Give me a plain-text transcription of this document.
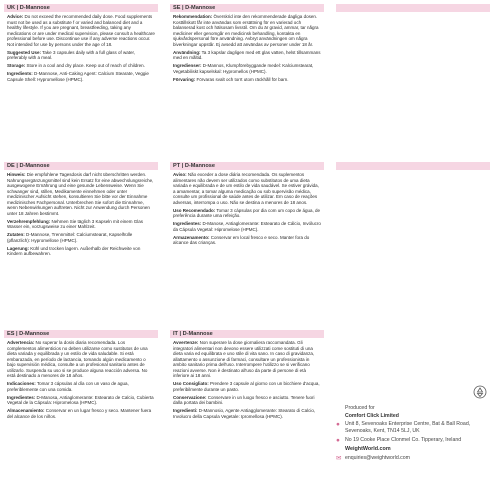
UK | D-Mannose

Advice: Do not exceed the recommended daily dose. Food supplements must not be used as a substitute f or varied and balanced diet and a healthy lifestyle. If you are pregnant, breastfeeding, taking any medications or are under medical supervision, please consult a healthcare professional before use. Discontinue use if any adverse reactions occur. Not intended for use by persons under the age of 18.

Suggested Use: Take 3 capsules daily with a full glass of water, preferably with a meal.

Storage: Store in a cool and dry place. Keep out of reach of children.

Ingredients: D-Mannose, Anti-Caking Agent: Calcium Stearate, Veggie Capsule Shell: Hypromellose (HPMC).

DE | D-Mannose

Hinweis: Die empfohlene Tagesdosis darf nicht überschritten werden. Nahrungsergänzungsmittel sind kein Ersatz für eine abwechslungsreiche, ausgewogene Ernährung und eine gesunde Lebensweise. Wenn Sie schwanger sind, stillen, Medikamente einnehmen oder unter medizinischer Aufsicht stehen, konsultieren Sie bitte vor der Einnahme medizinisches Fachpersonal. Unterbrechen Sie sofort die Einnahme, wenn Nebenwirkungen auftreten. Nicht zur Anwendung durch Personen unter 18 Jahren bestimmt.

Verzehrempfehlung: Nehmen Sie täglich 3 Kapseln mit einem Glas Wasser ein, vorzugsweise zu einer Mahlzeit.

Zutaten: D-Mannose, Trennmittel: Calciumstearat, Kapselhülle (pflanzlich): Hypromellose (HPMC).

Lagerung: Kühl und trocken lagern. Außerhalb der Reichweite von Kindern aufbewahren.

ES | D-Mannose

Advertencia: No superar la dosis diaria recomendada. Los complementos alimenticios no deben utilizarse como sustitutos de una dieta variada y equilibrada y un estilo de vida saludable. Si está embarazada, en período de lactancia, tomando algún medicamento o bajo supervisión médica, consulte a un profesional sanitario antes de utilizarlo. Suspenda su uso si se produce alguna reacción adversa. No está destinado a menores de 18 años.

Indicaciones: Tomar 3 cápsulas al día con un vaso de agua, preferiblemente con una comida.

Ingredientes: D-Manosa, Antiaglomerante: Estearato de Calcio, Cubierta Vegetal de la Cápsula: Hipromelosa (HPMC).

Almacenamiento: Conservar en un lugar fresco y seco. Mantener fuera del alcance de los niños.

SE | D-Mannose

Rekommendation: Överskrid inte den rekommenderade dagliga dosen. Kosttillskott får inte användas som ersättning för en varierad och balanserad kost och hälsosam livsstil. Om du är gravid, ammar, tar några mediciner eller genomgår en medicinsk behandling, kontakta en sjukvårdspersonal före användning. Avbryt användningen om några biverkningar uppstår. Ej avsedd att användas av personer under 18 år.

Användning: Ta 3 kapslar dagligen med ett glas vatten, helst tillsammans med en måltid.

Ingredienser: D-Mannos, Klumpförebyggande medel: Kalciumstearat, Vegetabiliskt kapselskal: Hypromellos (HPMC).

Förvaring: Förvaras svalt och torrt utom räckhåll för barn.

PT | D-Mannose

Aviso: Não exceder a dose diária recomendada. Os suplementos alimentares não devem ser utilizados como substitutos de uma dieta variada e equilibrada e de um estilo de vida saudável. Se estiver grávida, a amamentar, a tomar alguma medicação ou sob supervisão médica, consulte um profissional de saúde antes de utilizar. Em caso de reações adversas, interrompa o uso. Não se destina a menores de 18 anos.

Uso Recomendado: Tomar 3 cápsulas por dia com um copo de água, de preferência durante uma refeição.

Ingredientes: D-Manose, Antiaglomerante: Estearato de Cálcio, Invólucro da Cápsula Vegetal: Hipromelose (HPMC).

Armazenamento: Conservar em local fresco e seco. Manter fora do alcance das crianças.

IT | D-Mannose

Avvertenze: Non superare la dose giornaliera raccomandata. Gli integratori alimentari non devono essere utilizzati come sostituti di una dieta varia ed equilibrata e uno stile di vita sano. In caso di gravidanza, allattamento o assunzione di farmaci, consultare un professionista in ambito sanitario prima dell'uso. Interrompere l'utilizzo se si verificano reazioni avverse. Non è destinato all'uso da parte di persone di età inferiore ai 18 anni.

Uso Consigliato: Prendere 3 capsule al giorno con un bicchiere d'acqua, preferibilmente durante un pasto.

Conservazione: Conservare in un luogo fresco e asciutto. Tenere fuori dalla portata dei bambini.

Ingredienti: D-Mannosio, Agente Antiagglomerante: Stearato di Calcio, Involucro della Capsula Vegetale: Ipromellosa (HPMC).

Produced for
Comfort Click Limited
● Unit 8, Sevenoaks Enterprise Centre, Bat & Ball Road, Sevenoaks, Kent, TN14 5LJ, UK
● No 19 Cooke Place Clonmel Co. Tipperary, Ireland
WeightWorld.com
✉ enquiries@weightworld.com
